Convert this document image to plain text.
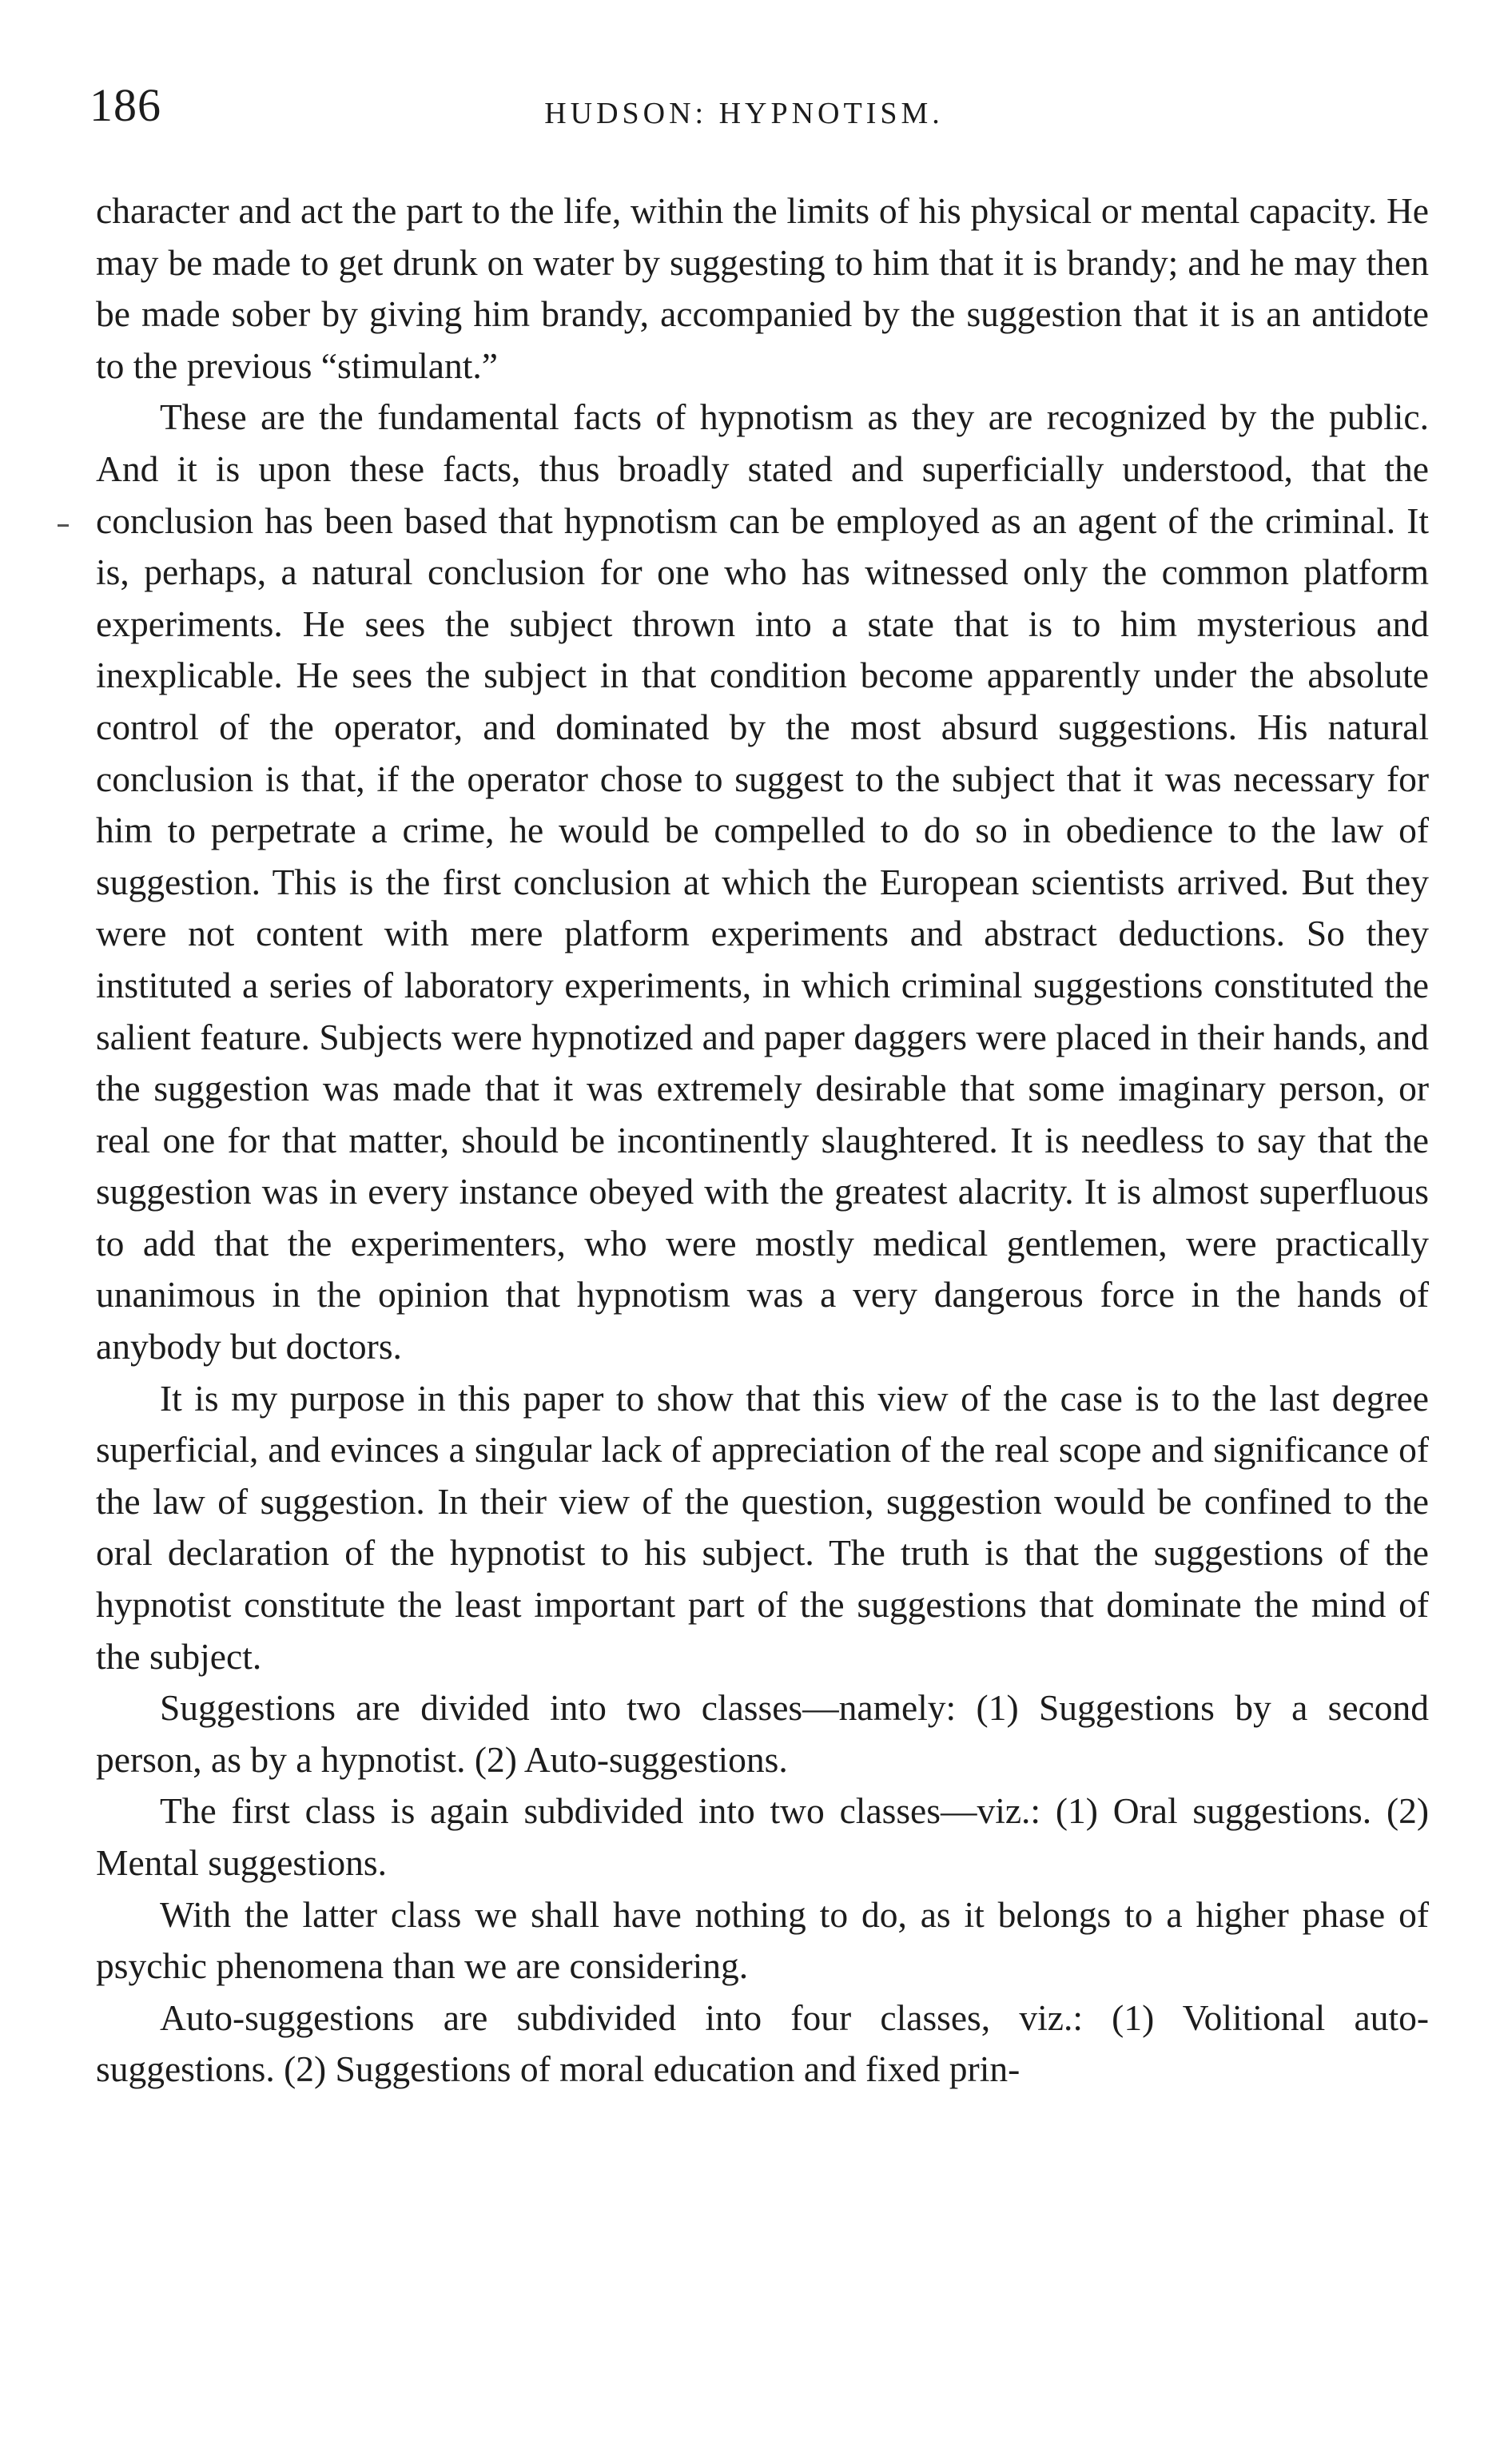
186	HUDSON: HYPNOTISM.

character and act the part to the life, within the limits of his physical or mental capacity. He may be made to get drunk on water by suggesting to him that it is brandy; and he may then be made sober by giving him brandy, accompanied by the suggestion that it is an antidote to the previous “stimulant.”

These are the fundamental facts of hypnotism as they are recognized by the public. And it is upon these facts, thus broadly stated and superficially understood, that the conclusion has been based that hypnotism can be employed as an agent of the criminal. It is, perhaps, a natural conclusion for one who has witnessed only the common platform experiments. He sees the subject thrown into a state that is to him mysterious and inexplicable. He sees the subject in that condition become apparently under the absolute control of the operator, and dominated by the most absurd suggestions. His natural conclusion is that, if the operator chose to suggest to the subject that it was necessary for him to perpetrate a crime, he would be compelled to do so in obedience to the law of suggestion. This is the first conclusion at which the European scientists arrived. But they were not content with mere platform experiments and abstract deductions. So they instituted a series of laboratory experiments, in which criminal suggestions constituted the salient feature. Subjects were hypnotized and paper daggers were placed in their hands, and the suggestion was made that it was extremely desirable that some imaginary person, or real one for that matter, should be incontinently slaughtered. It is needless to say that the suggestion was in every instance obeyed with the greatest alacrity. It is almost superfluous to add that the experimenters, who were mostly medical gentlemen, were practically unanimous in the opinion that hypnotism was a very dangerous force in the hands of anybody but doctors.

It is my purpose in this paper to show that this view of the case is to the last degree superficial, and evinces a singular lack of appreciation of the real scope and significance of the law of suggestion. In their view of the question, suggestion would be confined to the oral declaration of the hypnotist to his subject. The truth is that the suggestions of the hypnotist constitute the least important part of the suggestions that dominate the mind of the subject.

Suggestions are divided into two classes—namely: (1) Suggestions by a second person, as by a hypnotist. (2) Auto-suggestions.

The first class is again subdivided into two classes—viz.: (1) Oral suggestions. (2) Mental suggestions.

With the latter class we shall have nothing to do, as it belongs to a higher phase of psychic phenomena than we are considering.

Auto-suggestions are subdivided into four classes, viz.: (1) Volitional auto-suggestions. (2) Suggestions of moral education and fixed prin-
